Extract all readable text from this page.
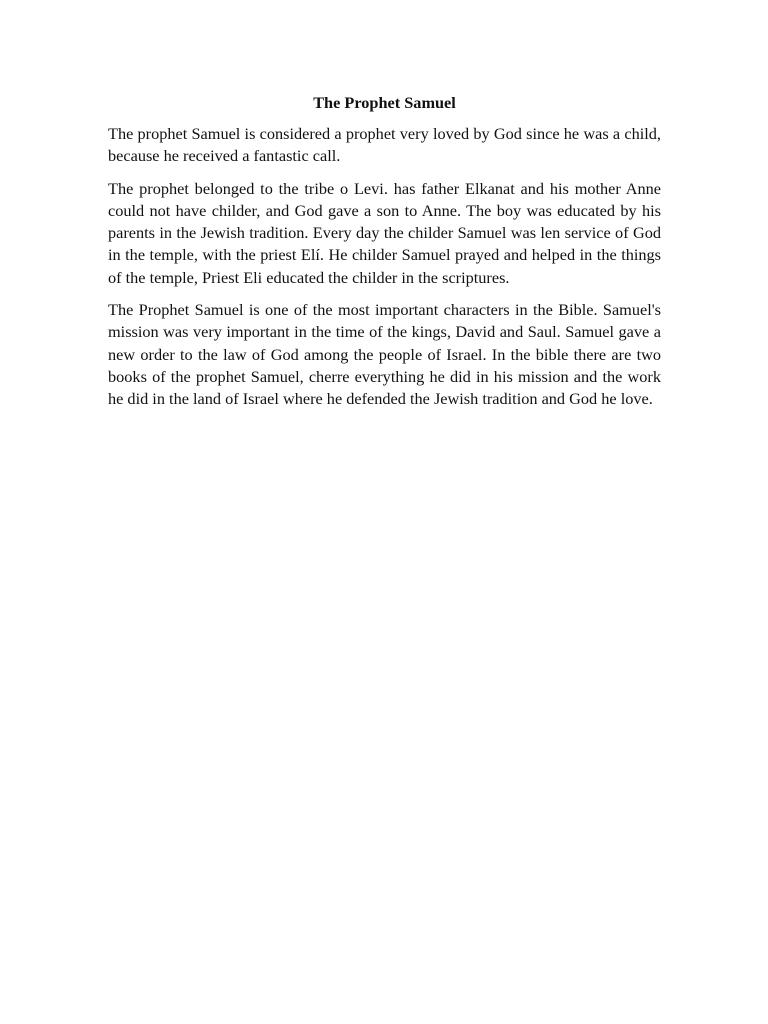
The Prophet Samuel

The prophet Samuel is considered a prophet very loved by God since he was a child, because he received a fantastic call.

The prophet belonged to the tribe o Levi. has father Elkanat and his mother Anne could not have childer, and God gave a son to Anne. The boy was educated by his parents in the Jewish tradition. Every day the childer Samuel was len service of God in the temple, with the priest Elí. He childer Samuel prayed and helped in the things of the temple, Priest Eli educated the childer in the scriptures.

The Prophet Samuel is one of the most important characters in the Bible. Samuel's mission was very important in the time of the kings, David and Saul. Samuel gave a new order to the law of God among the people of Israel. In the bible there are two books of the prophet Samuel, cherre everything he did in his mission and the work he did in the land of Israel where he defended the Jewish tradition and God he love.
